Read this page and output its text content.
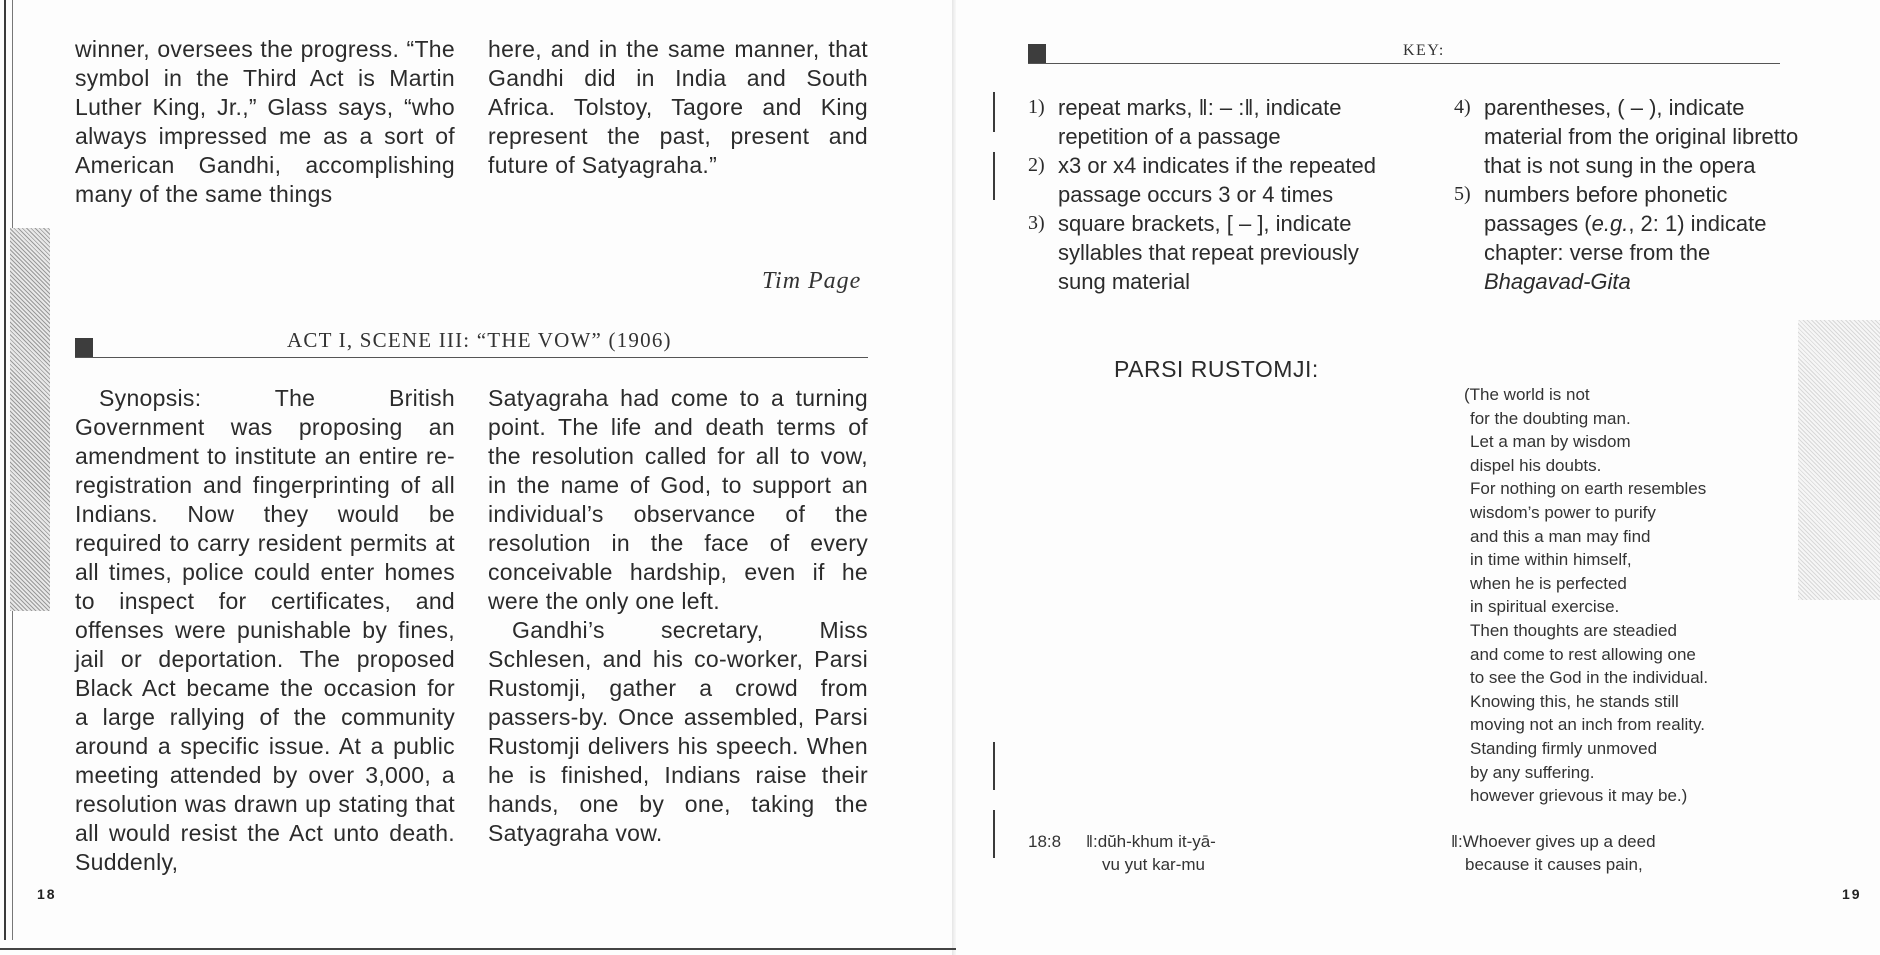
winner, oversees the progress. “The symbol in the Third Act is Martin Luther King, Jr.,” Glass says, “who always impressed me as a sort of American Gandhi, accomplishing many of the same things
here, and in the same manner, that Gandhi did in India and South Africa. Tolstoy, Tagore and King represent the past, present and future of Satyagraha.”
Tim Page
ACT I, SCENE III: “THE VOW” (1906)

Synopsis: The British Government was proposing an amendment to institute an entire re-registration and fingerprinting of all Indians. Now they would be required to carry resident permits at all times, police could enter homes to inspect for certificates, and offenses were punishable by fines, jail or deportation. The proposed Black Act became the occasion for a large rallying of the community around a specific issue. At a public meeting attended by over 3,000, a resolution was drawn up stating that all would resist the Act unto death. Suddenly,

Satyagraha had come to a turning point. The life and death terms of the resolution called for all to vow, in the name of God, to support an individual’s observance of the resolution in the face of every conceivable hardship, even if he were the only one left.

Gandhi’s secretary, Miss Schlesen, and his co-worker, Parsi Rustomji, gather a crowd from passers-by. Once assembled, Parsi Rustomji delivers his speech. When he is finished, Indians raise their hands, one by one, taking the Satyagraha vow.

18
KEY:
1) repeat marks, ‖: – :‖, indicate repetition of a passage
2) x3 or x4 indicates if the repeated passage occurs 3 or 4 times
3) square brackets, [ – ], indicate syllables that repeat previously sung material
4) parentheses, ( – ), indicate material from the original libretto that is not sung in the opera
5) numbers before phonetic passages (e.g., 2: 1) indicate chapter: verse from the Bhagavad-Gita
PARSI RUSTOMJI:
(The world is not
for the doubting man.
Let a man by wisdom
dispel his doubts.
For nothing on earth resembles
wisdom’s power to purify
and this a man may find
in time within himself,
when he is perfected
in spiritual exercise.
Then thoughts are steadied
and come to rest allowing one
to see the God in the individual.
Knowing this, he stands still
moving not an inch from reality.
Standing firmly unmoved
by any suffering.
however grievous it may be.)
18:8 ‖:dŭh-khum it-yā-
vu yut kar-mu
‖:Whoever gives up a deed
because it causes pain,
19
